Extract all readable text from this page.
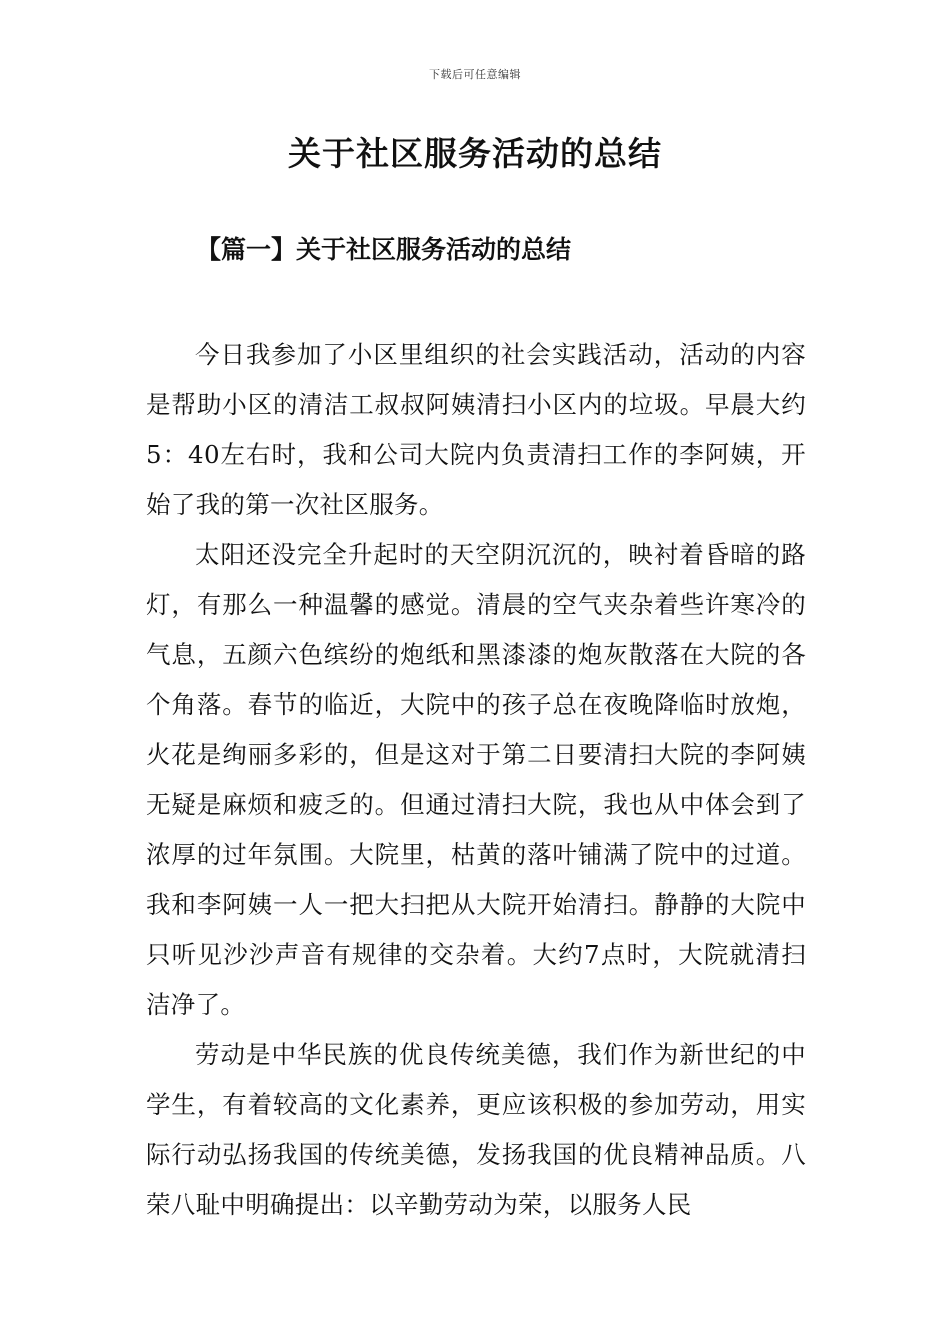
下载后可任意编辑
关于社区服务活动的总结
【篇一】关于社区服务活动的总结

今日我参加了小区里组织的社会实践活动，活动的内容是帮助小区的清洁工叔叔阿姨清扫小区内的垃圾。早晨大约5：40左右时，我和公司大院内负责清扫工作的李阿姨，开始了我的第一次社区服务。

太阳还没完全升起时的天空阴沉沉的，映衬着昏暗的路灯，有那么一种温馨的感觉。清晨的空气夹杂着些许寒冷的气息，五颜六色缤纷的炮纸和黑漆漆的炮灰散落在大院的各个角落。春节的临近，大院中的孩子总在夜晚降临时放炮，火花是绚丽多彩的，但是这对于第二日要清扫大院的李阿姨无疑是麻烦和疲乏的。但通过清扫大院，我也从中体会到了浓厚的过年氛围。大院里，枯黄的落叶铺满了院中的过道。我和李阿姨一人一把大扫把从大院开始清扫。静静的大院中只听见沙沙声音有规律的交杂着。大约7点时，大院就清扫洁净了。

劳动是中华民族的优良传统美德，我们作为新世纪的中学生，有着较高的文化素养，更应该积极的参加劳动，用实际行动弘扬我国的传统美德，发扬我国的优良精神品质。八荣八耻中明确提出：以辛勤劳动为荣，以服务人民
